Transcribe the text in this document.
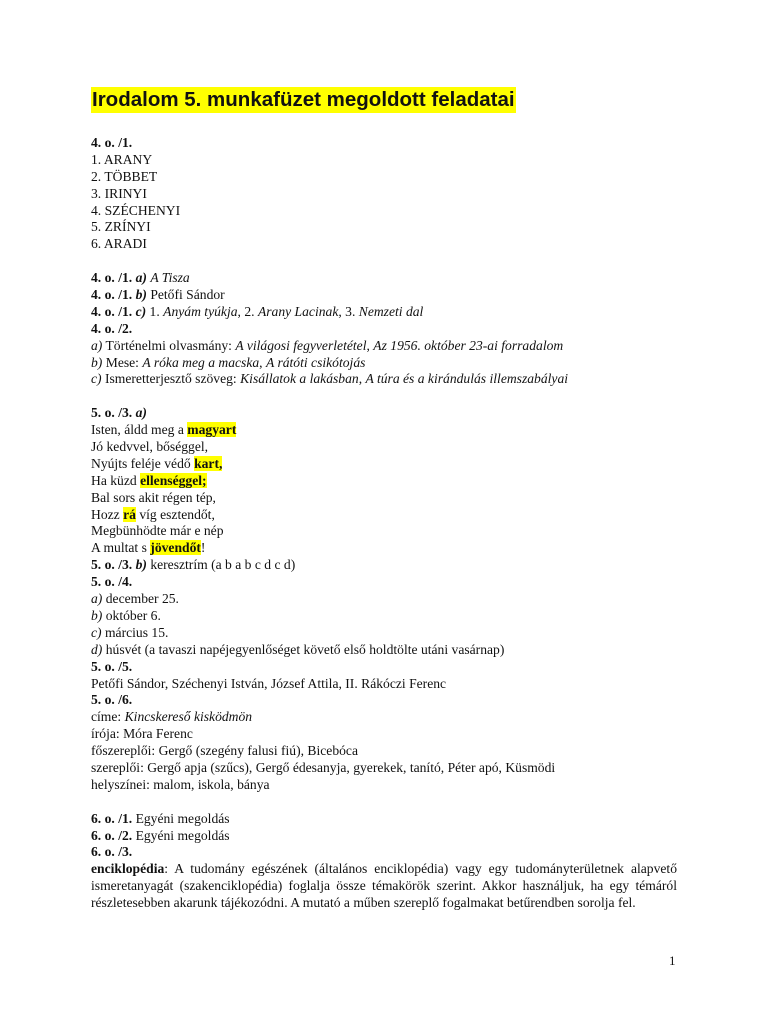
Irodalom 5. munkafüzet megoldott feladatai
4. o. /1.
1. ARANY
2. TÖBBET
3. IRINYI
4. SZÉCHENYI
5. ZRÍNYI
6. ARADI
4. o. /1. a) A Tisza
4. o. /1. b) Petőfi Sándor
4. o. /1. c) 1. Anyám tyúkja, 2. Arany Lacinak, 3. Nemzeti dal
4. o. /2.
a) Történelmi olvasmány: A világosi fegyverletétel, Az 1956. október 23-ai forradalom
b) Mese: A róka meg a macska, A rátóti csikótojás
c) Ismeretterjesztő szöveg: Kisállatok a lakásban, A túra és a kirándulás illemszabályai
5. o. /3. a)
Isten, áldd meg a magyart
Jó kedvvel, bőséggel,
Nyújts feléje védő kart,
Ha küzd ellenséggel;
Bal sors akit régen tép,
Hozz rá víg esztendőt,
Megbünhödte már e nép
A multat s jövendőt!
5. o. /3. b) keresztrím (a b a b c d c d)
5. o. /4.
a) december 25.
b) október 6.
c) március 15.
d) húsvét (a tavaszi napéjegyenlőséget követő első holdtölte utáni vasárnap)
5. o. /5.
Petőfi Sándor, Széchenyi István, József Attila, II. Rákóczi Ferenc
5. o. /6.
címe: Kincskereső kisködmön
írója: Móra Ferenc
főszereplői: Gergő (szegény falusi fiú), Bicebóca
szereplői: Gergő apja (szűcs), Gergő édesanyja, gyerekek, tanító, Péter apó, Küsmödi
helyszínei: malom, iskola, bánya
6. o. /1. Egyéni megoldás
6. o. /2. Egyéni megoldás
6. o. /3.
enciklopédia: A tudomány egészének (általános enciklopédia) vagy egy tudományterületnek alapvető ismeretanyagát (szakenciklopédia) foglalja össze témakörök szerint. Akkor használjuk, ha egy témáról részletesebben akarunk tájékozódni. A mutató a műben szereplő fogalmakat betűrendben sorolja fel.
1
